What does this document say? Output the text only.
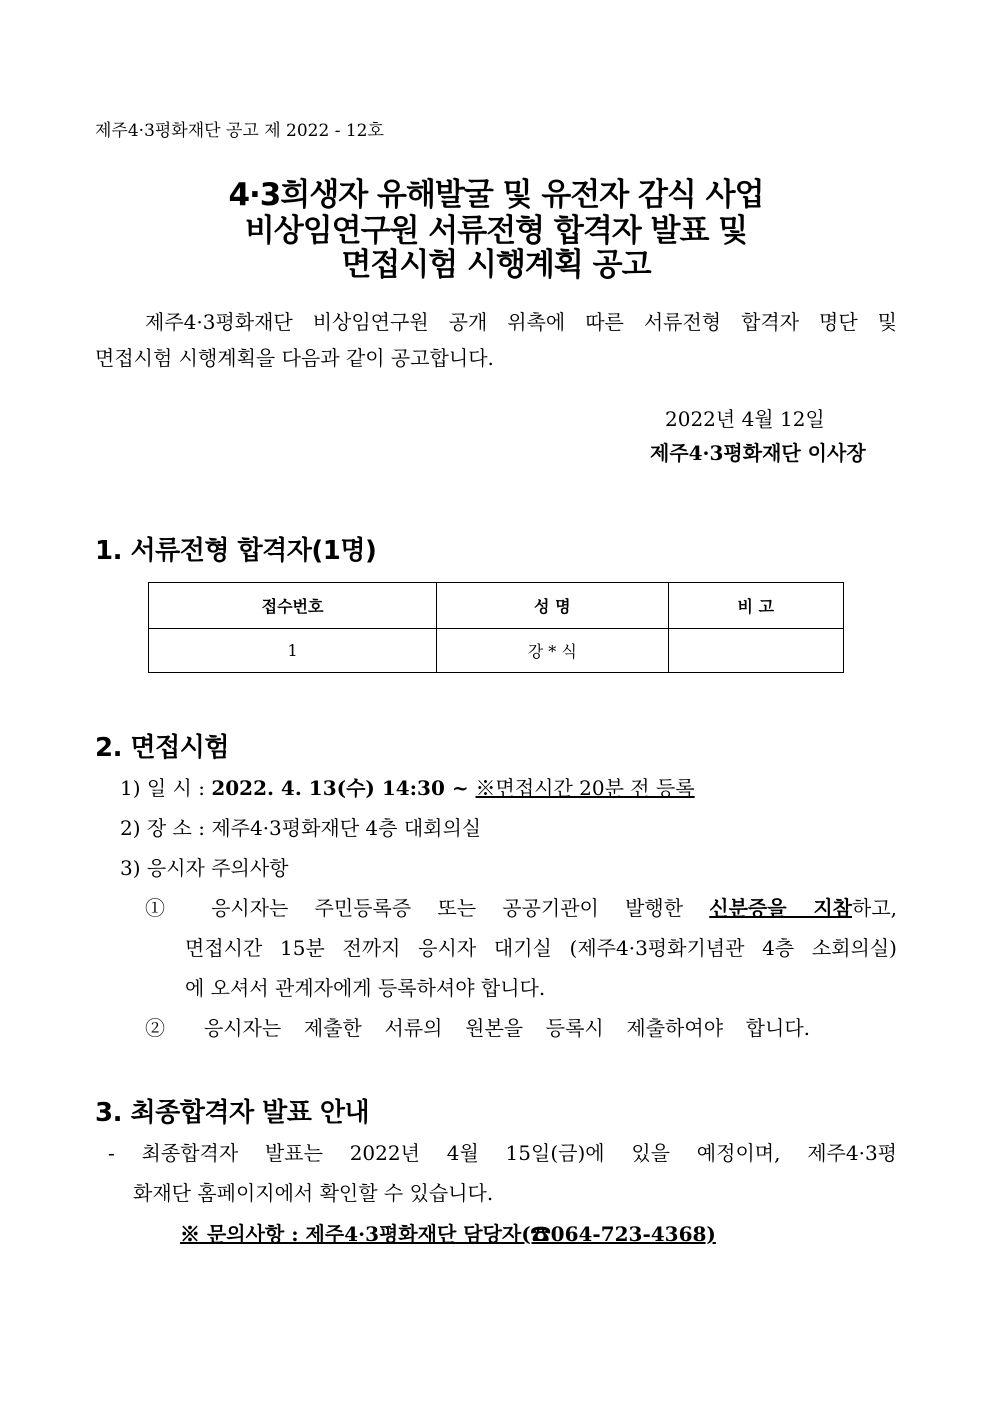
제주4·3평화재단 공고 제 2022 - 12호
4·3희생자 유해발굴 및 유전자 감식 사업
비상임연구원 서류전형 합격자 발표 및
면접시험 시행계획 공고
제주4·3평화재단 비상임연구원 공개 위촉에 따른 서류전형 합격자 명단 및
면접시험 시행계획을 다음과 같이 공고합니다.
2022년 4월 12일
제주4·3평화재단 이사장
1. 서류전형 합격자(1명)
접수번호	성 명	비 고
1	강 * 식	
2. 면접시험
1) 일 시 : 2022. 4. 13(수) 14:30 ~ ※면접시간 20분 전 등록
2) 장 소 : 제주4·3평화재단 4층 대회의실
3) 응시자 주의사항
① 응시자는 주민등록증 또는 공공기관이 발행한 신분증을 지참하고,
면접시간 15분 전까지 응시자 대기실 (제주4·3평화기념관 4층 소회의실)
에 오셔서 관계자에게 등록하셔야 합니다.
② 응시자는 제출한 서류의 원본을 등록시 제출하여야 합니다.
3. 최종합격자 발표 안내
- 최종합격자 발표는 2022년 4월 15일(금)에 있을 예정이며, 제주4·3평
화재단 홈페이지에서 확인할 수 있습니다.
※ 문의사항 : 제주4·3평화재단 담당자(☎064-723-4368)
